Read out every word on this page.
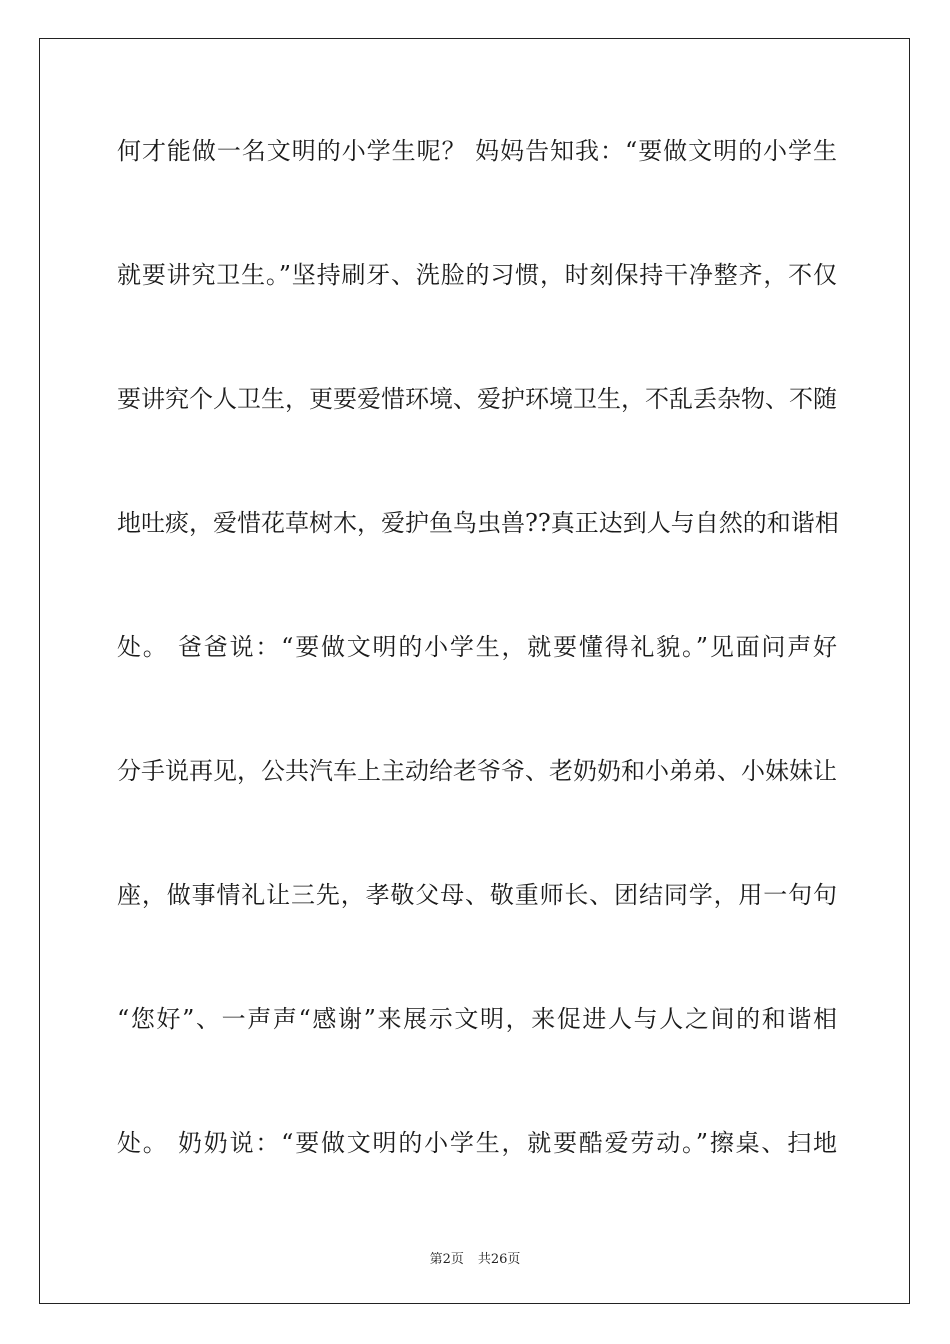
何才能做一名文明的小学生呢？ 妈妈告知我：“要做文明的小学生
就要讲究卫生。”坚持刷牙、洗脸的习惯，时刻保持干净整齐，不仅
要讲究个人卫生，更要爱惜环境、爱护环境卫生，不乱丢杂物、不随
地吐痰，爱惜花草树木，爱护鱼鸟虫兽??真正达到人与自然的和谐相
处。 爸爸说：“要做文明的小学生，就要懂得礼貌。”见面问声好
分手说再见，公共汽车上主动给老爷爷、老奶奶和小弟弟、小妹妹让
座，做事情礼让三先，孝敬父母、敬重师长、团结同学，用一句句
“您好”、一声声“感谢”来展示文明，来促进人与人之间的和谐相
处。 奶奶说：“要做文明的小学生，就要酷爱劳动。”擦桌、扫地
第2页 共26页
